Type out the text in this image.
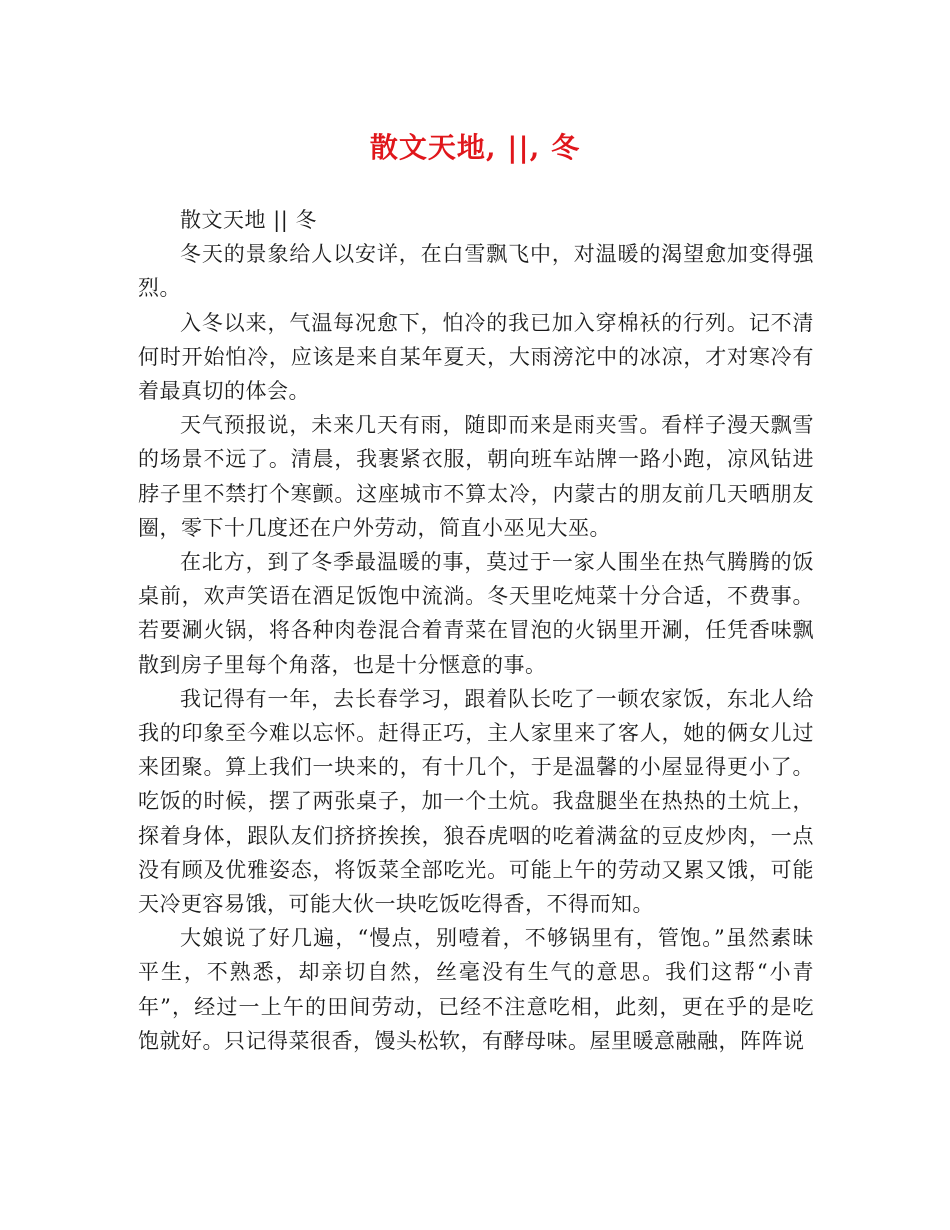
散文天地, ||, 冬

散文天地 || 冬

冬天的景象给人以安详，在白雪飘飞中，对温暖的渴望愈加变得强烈。

入冬以来，气温每况愈下，怕冷的我已加入穿棉袄的行列。记不清何时开始怕冷，应该是来自某年夏天，大雨滂沱中的冰凉，才对寒冷有着最真切的体会。

天气预报说，未来几天有雨，随即而来是雨夹雪。看样子漫天飘雪的场景不远了。清晨，我裹紧衣服，朝向班车站牌一路小跑，凉风钻进脖子里不禁打个寒颤。这座城市不算太冷，内蒙古的朋友前几天晒朋友圈，零下十几度还在户外劳动，简直小巫见大巫。

在北方，到了冬季最温暖的事，莫过于一家人围坐在热气腾腾的饭桌前，欢声笑语在酒足饭饱中流淌。冬天里吃炖菜十分合适，不费事。若要涮火锅，将各种肉卷混合着青菜在冒泡的火锅里开涮，任凭香味飘散到房子里每个角落，也是十分惬意的事。

我记得有一年，去长春学习，跟着队长吃了一顿农家饭，东北人给我的印象至今难以忘怀。赶得正巧，主人家里来了客人，她的俩女儿过来团聚。算上我们一块来的，有十几个，于是温馨的小屋显得更小了。吃饭的时候，摆了两张桌子，加一个土炕。我盘腿坐在热热的土炕上，探着身体，跟队友们挤挤挨挨，狼吞虎咽的吃着满盆的豆皮炒肉，一点没有顾及优雅姿态，将饭菜全部吃光。可能上午的劳动又累又饿，可能天冷更容易饿，可能大伙一块吃饭吃得香，不得而知。

大娘说了好几遍，“慢点，别噎着，不够锅里有，管饱。”虽然素昧平生，不熟悉，却亲切自然，丝毫没有生气的意思。我们这帮“小青年”，经过一上午的田间劳动，已经不注意吃相，此刻，更在乎的是吃饱就好。只记得菜很香，馒头松软，有酵母味。屋里暖意融融，阵阵说
